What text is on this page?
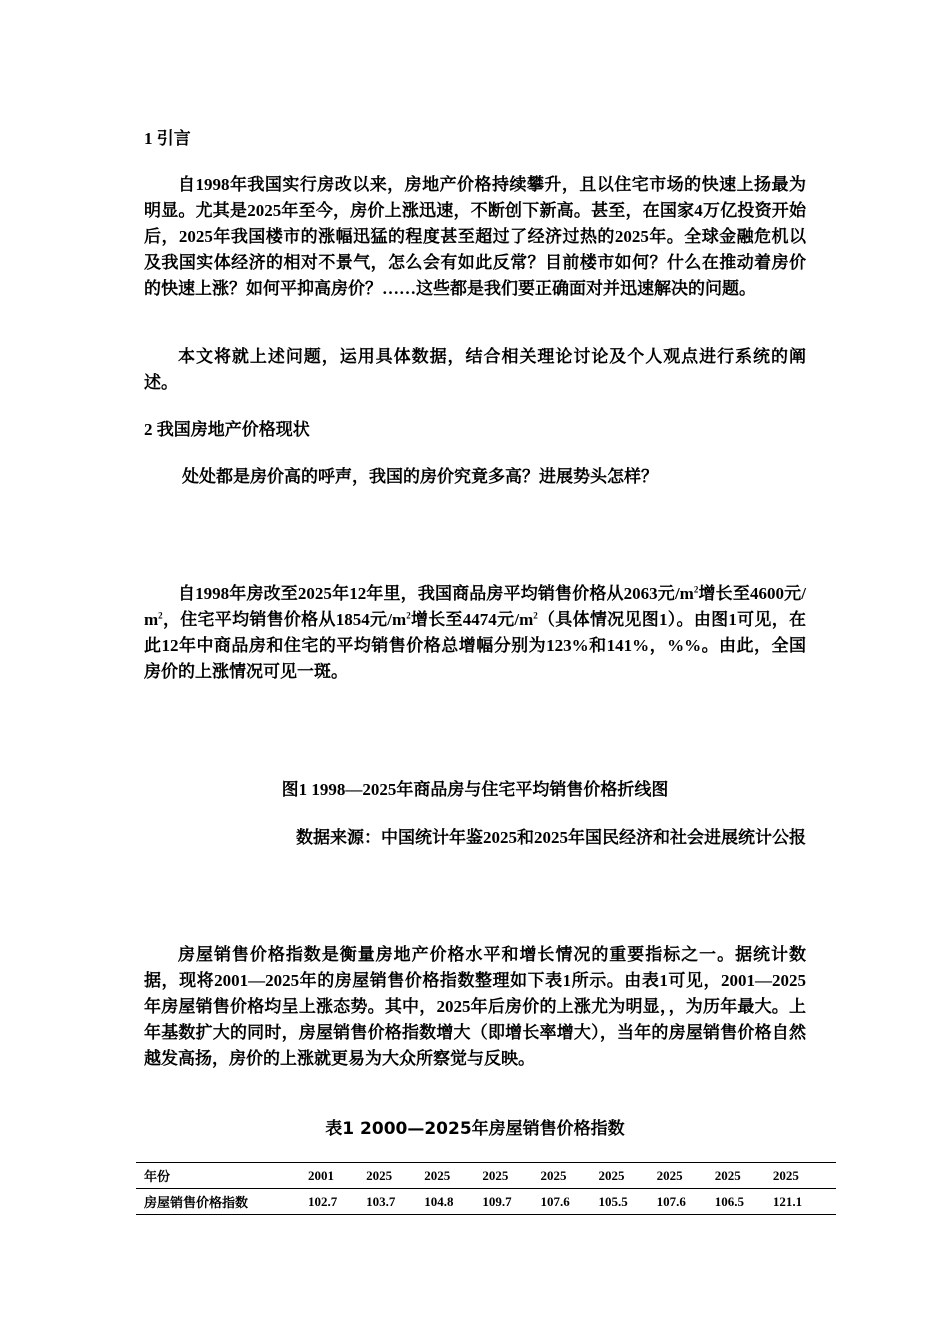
1 引言
自1998年我国实行房改以来，房地产价格持续攀升，且以住宅市场的快速上扬最为明显。尤其是2025年至今，房价上涨迅速，不断创下新高。甚至，在国家4万亿投资开始后，2025年我国楼市的涨幅迅猛的程度甚至超过了经济过热的2025年。全球金融危机以及我国实体经济的相对不景气，怎么会有如此反常？目前楼市如何？什么在推动着房价的快速上涨？如何平抑高房价？……这些都是我们要正确面对并迅速解决的问题。
本文将就上述问题，运用具体数据，结合相关理论讨论及个人观点进行系统的阐述。
2 我国房地产价格现状
处处都是房价高的呼声，我国的房价究竟多高？进展势头怎样？
自1998年房改至2025年12年里，我国商品房平均销售价格从2063元$/m^2$增长至4600元/ $m^2$，住宅平均销售价格从1854元$/m^2$增长至4474元$/m^2$（具体情况见图1）。由图1可见，在此12年中商品房和住宅的平均销售价格总增幅分别为123%和141%，%%。由此，全国房价的上涨情况可见一斑。
图1 1998—2025年商品房与住宅平均销售价格折线图
数据来源：中国统计年鉴2025和2025年国民经济和社会进展统计公报
房屋销售价格指数是衡量房地产价格水平和增长情况的重要指标之一。据统计数据，现将2001—2025年的房屋销售价格指数整理如下表1所示。由表1可见，2001—2025年房屋销售价格均呈上涨态势。其中，2025年后房价的上涨尤为明显，，为历年最大。上年基数扩大的同时，房屋销售价格指数增大（即增长率增大），当年的房屋销售价格自然越发高扬，房价的上涨就更易为大众所察觉与反映。
表1 2000—2025年房屋销售价格指数
年份	2001	2025	2025	2025	2025	2025	2025	2025	2025	
房屋销售价格指数	102.7	103.7	104.8	109.7	107.6	105.5	107.6	106.5	121.1	
